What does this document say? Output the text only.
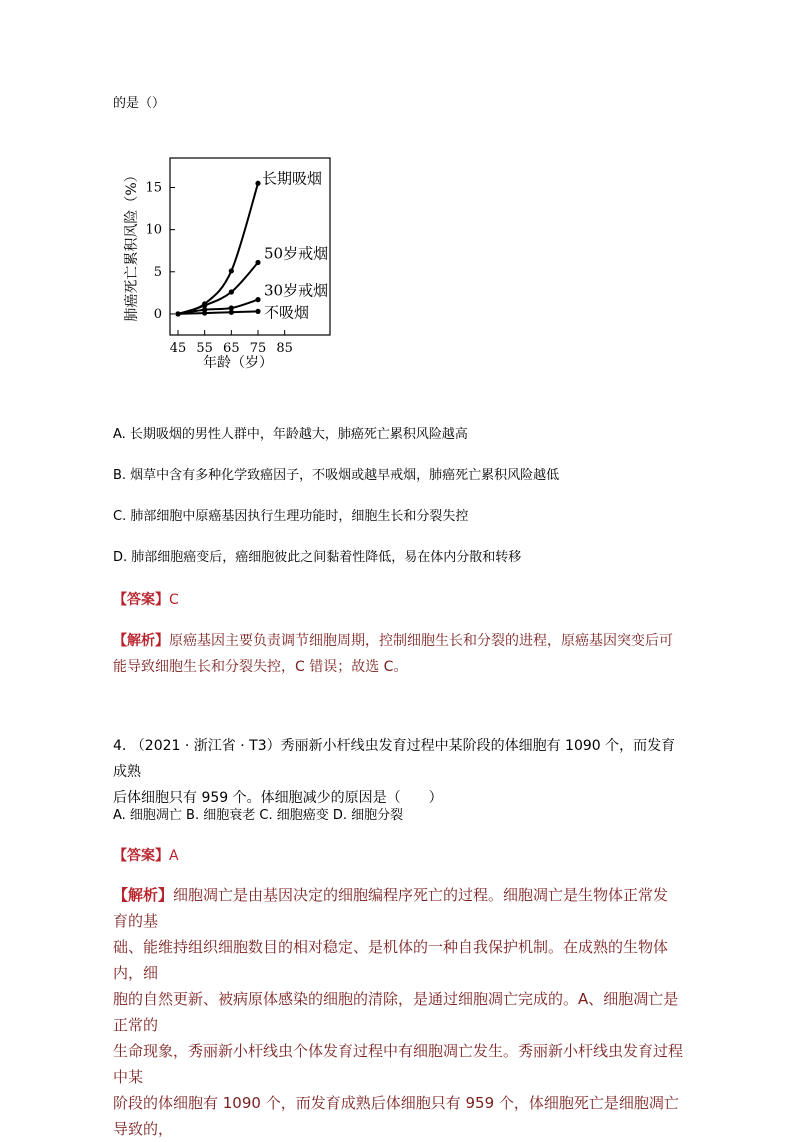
的是（）
0
5
10
15
45 55 65 75 85
长期吸烟
50岁戒烟
30岁戒烟
不吸烟
肺癌死亡累积风险（%）
年龄（岁）
A. 长期吸烟的男性人群中，年龄越大，肺癌死亡累积风险越高
B. 烟草中含有多种化学致癌因子，不吸烟或越早戒烟，肺癌死亡累积风险越低
C. 肺部细胞中原癌基因执行生理功能时，细胞生长和分裂失控
D. 肺部细胞癌变后，癌细胞彼此之间黏着性降低，易在体内分散和转移
【答案】C
【解析】原癌基因主要负责调节细胞周期，控制细胞生长和分裂的进程，原癌基因突变后可
能导致细胞生长和分裂失控，C 错误；故选 C。
4. （2021 · 浙江省 · T3）秀丽新小杆线虫发育过程中某阶段的体细胞有 1090 个，而发育成熟
后体细胞只有 959 个。体细胞减少的原因是（　　）
A. 细胞凋亡 B. 细胞衰老 C. 细胞癌变 D. 细胞分裂
【答案】A
【解析】细胞凋亡是由基因决定的细胞编程序死亡的过程。细胞凋亡是生物体正常发育的基
础、能维持组织细胞数目的相对稳定、是机体的一种自我保护机制。在成熟的生物体内，细
胞的自然更新、被病原体感染的细胞的清除，是通过细胞凋亡完成的。A、细胞凋亡是正常的
生命现象，秀丽新小杆线虫个体发育过程中有细胞凋亡发生。秀丽新小杆线虫发育过程中某
阶段的体细胞有 1090 个，而发育成熟后体细胞只有 959 个，体细胞死亡是细胞凋亡导致的，
